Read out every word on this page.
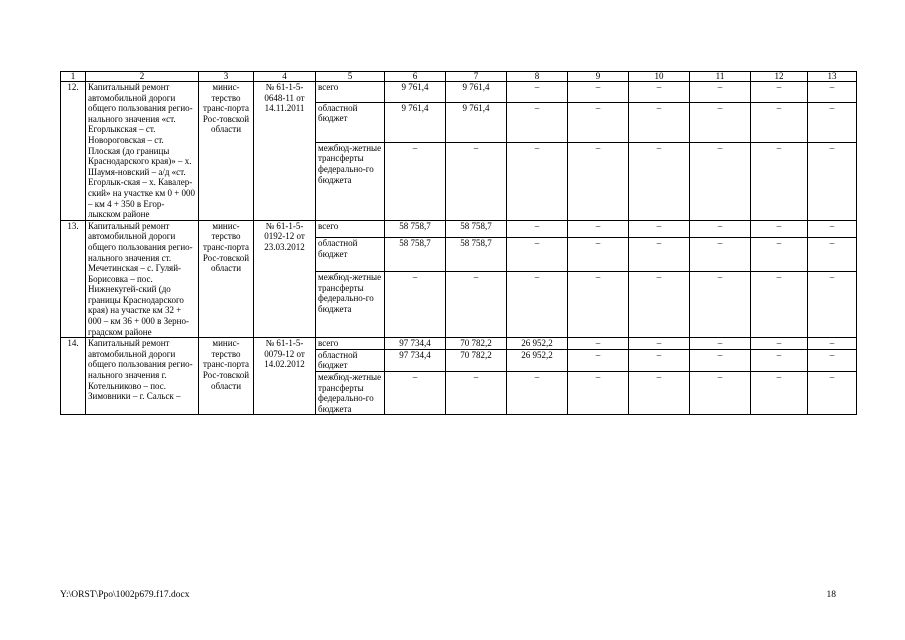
1	2	3	4	5	6	7	8	9	10	11	12	13
12.	Капитальный ремонт автомобильной дороги общего пользования регио-нального значения «ст. Егорлыкская – ст. Новороговская – ст. Плоская (до границы Краснодарского края)» – х. Шаумя-новский – а/д «ст. Егорлык-ская – х. Кавалер-ский» на участке км 0 + 000 – км 4 + 350 в Егор-лыкском районе	минис-терство транс-порта Рос-товской области	№ 61-1-5-0648-11 от 14.11.2011	всего	9 761,4	9 761,4	–	–	–	–	–	–
				областной бюджет	9 761,4	9 761,4	–	–	–	–	–	–
				межбюд-жетные трансферты федерально-го бюджета	–	–	–	–	–	–	–	–
13.	Капитальный ремонт автомобильной дороги общего пользования регио-нального значения ст. Мечетинская – с. Гуляй-Борисовка – пос. Нижнекугей-ский (до границы Краснодарского края) на участке км 32 + 000 – км 36 + 000 в Зерно-градском районе	минис-терство транс-порта Рос-товской области	№ 61-1-5-0192-12 от 23.03.2012	всего	58 758,7	58 758,7	–	–	–	–	–	–
				областной бюджет	58 758,7	58 758,7	–	–	–	–	–	–
				межбюд-жетные трансферты федерально-го бюджета	–	–	–	–	–	–	–	–
14.	Капитальный ремонт автомобильной дороги общего пользования регио-нального значения г. Котельниково – пос. Зимовники – г. Сальск –	минис-терство транс-порта Рос-товской области	№ 61-1-5-0079-12 от 14.02.2012	всего	97 734,4	70 782,2	26 952,2	–	–	–	–	–
				областной бюджет	97 734,4	70 782,2	26 952,2	–	–	–	–	–
				межбюд-жетные трансферты федерально-го бюджета	–	–	–	–	–	–	–	–
Y:\ORST\Ppo\1002p679.f17.docx	18
